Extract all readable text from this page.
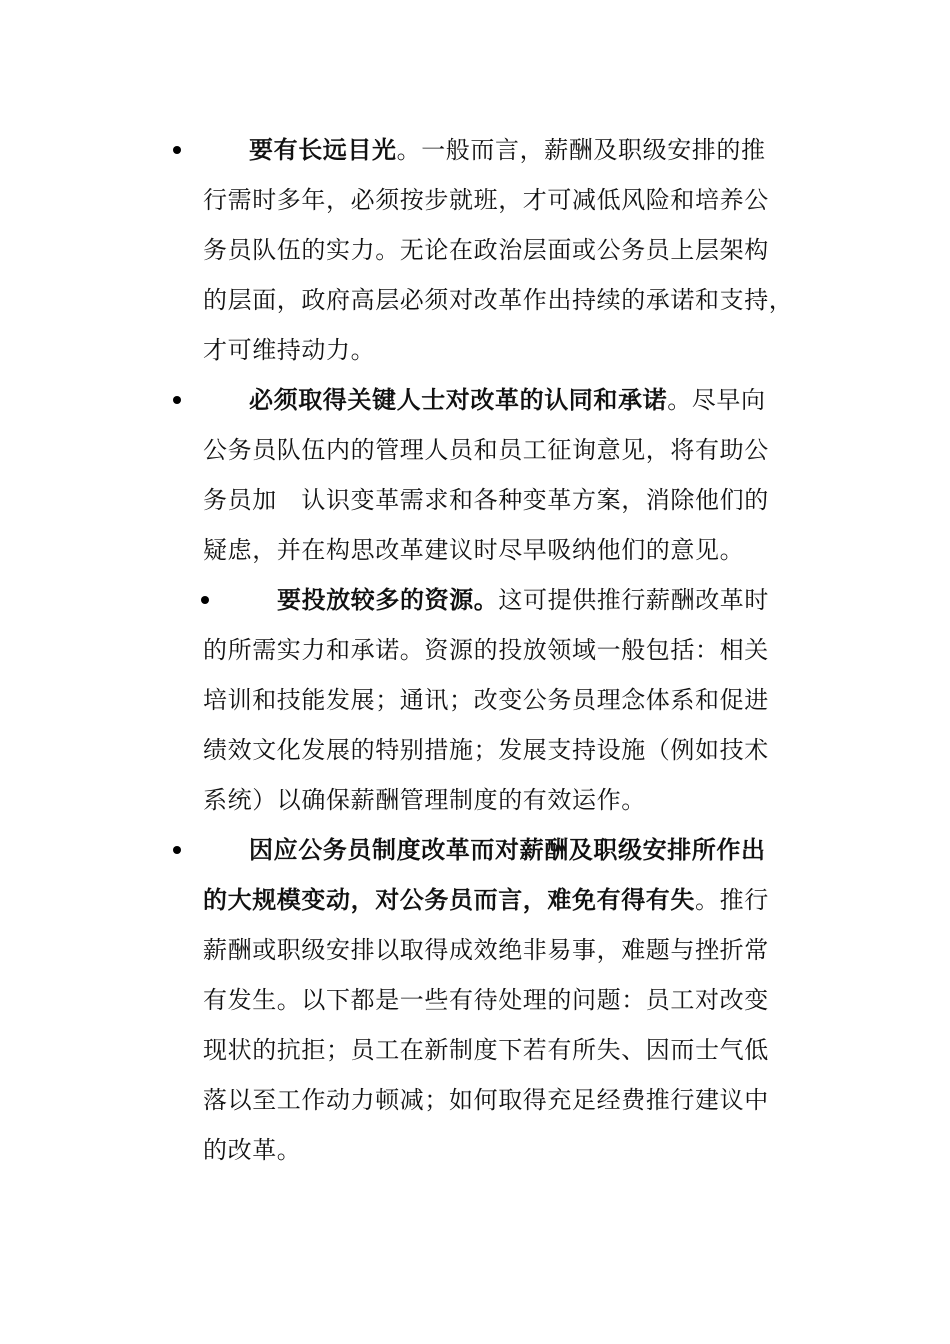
要有长远目光。一般而言，薪酬及职级安排的推
行需时多年，必须按步就班，才可减低风险和培养公
务员队伍的实力。无论在政治层面或公务员上层架构
的层面，政府高层必须对改革作出持续的承诺和支持，
才可维持动力。
必须取得关键人士对改革的认同和承诺。尽早向
公务员队伍内的管理人员和员工征询意见，将有助公
务员加　认识变革需求和各种变革方案，消除他们的
疑虑，并在构思改革建议时尽早吸纳他们的意见。
要投放较多的资源。这可提供推行薪酬改革时
的所需实力和承诺。资源的投放领域一般包括：相关
培训和技能发展；通讯；改变公务员理念体系和促进
绩效文化发展的特别措施；发展支持设施（例如技术
系统）以确保薪酬管理制度的有效运作。
因应公务员制度改革而对薪酬及职级安排所作出
的大规模变动，对公务员而言，难免有得有失。推行
薪酬或职级安排以取得成效绝非易事，难题与挫折常
有发生。以下都是一些有待处理的问题：员工对改变
现状的抗拒；员工在新制度下若有所失、因而士气低
落以至工作动力顿减；如何取得充足经费推行建议中
的改革。
